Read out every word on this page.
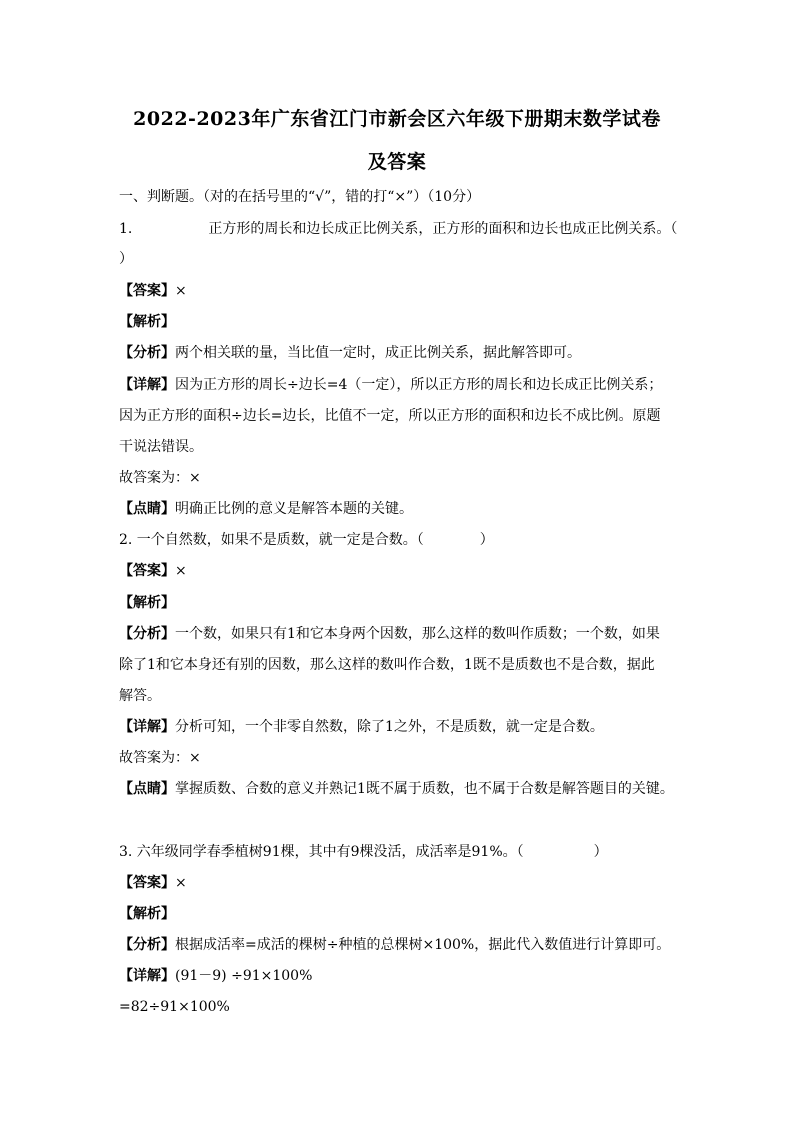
2022-2023年广东省江门市新会区六年级下册期末数学试卷
及答案
一、判断题。（对的在括号里的“√”，错的打“×”）（10分）
1.	正方形的周长和边长成正比例关系，正方形的面积和边长也成正比例关系。（
）
【答案】×
【解析】
【分析】两个相关联的量，当比值一定时，成正比例关系，据此解答即可。
【详解】因为正方形的周长÷边长=4（一定），所以正方形的周长和边长成正比例关系；
因为正方形的面积÷边长=边长，比值不一定，所以正方形的面积和边长不成比例。原题
干说法错误。
故答案为：×
【点睛】明确正比例的意义是解答本题的关键。
2. 一个自然数，如果不是质数，就一定是合数。（　　　　）
【答案】×
【解析】
【分析】一个数，如果只有1和它本身两个因数，那么这样的数叫作质数；一个数，如果
除了1和它本身还有别的因数，那么这样的数叫作合数，1既不是质数也不是合数，据此
解答。
【详解】分析可知，一个非零自然数，除了1之外，不是质数，就一定是合数。
故答案为：×
【点睛】掌握质数、合数的意义并熟记1既不属于质数，也不属于合数是解答题目的关键。
3. 六年级同学春季植树91棵，其中有9棵没活，成活率是91%。（　　　　　）
【答案】×
【解析】
【分析】根据成活率=成活的棵树÷种植的总棵树×100%，据此代入数值进行计算即可。
【详解】(91－9) ÷91×100%
=82÷91×100%
